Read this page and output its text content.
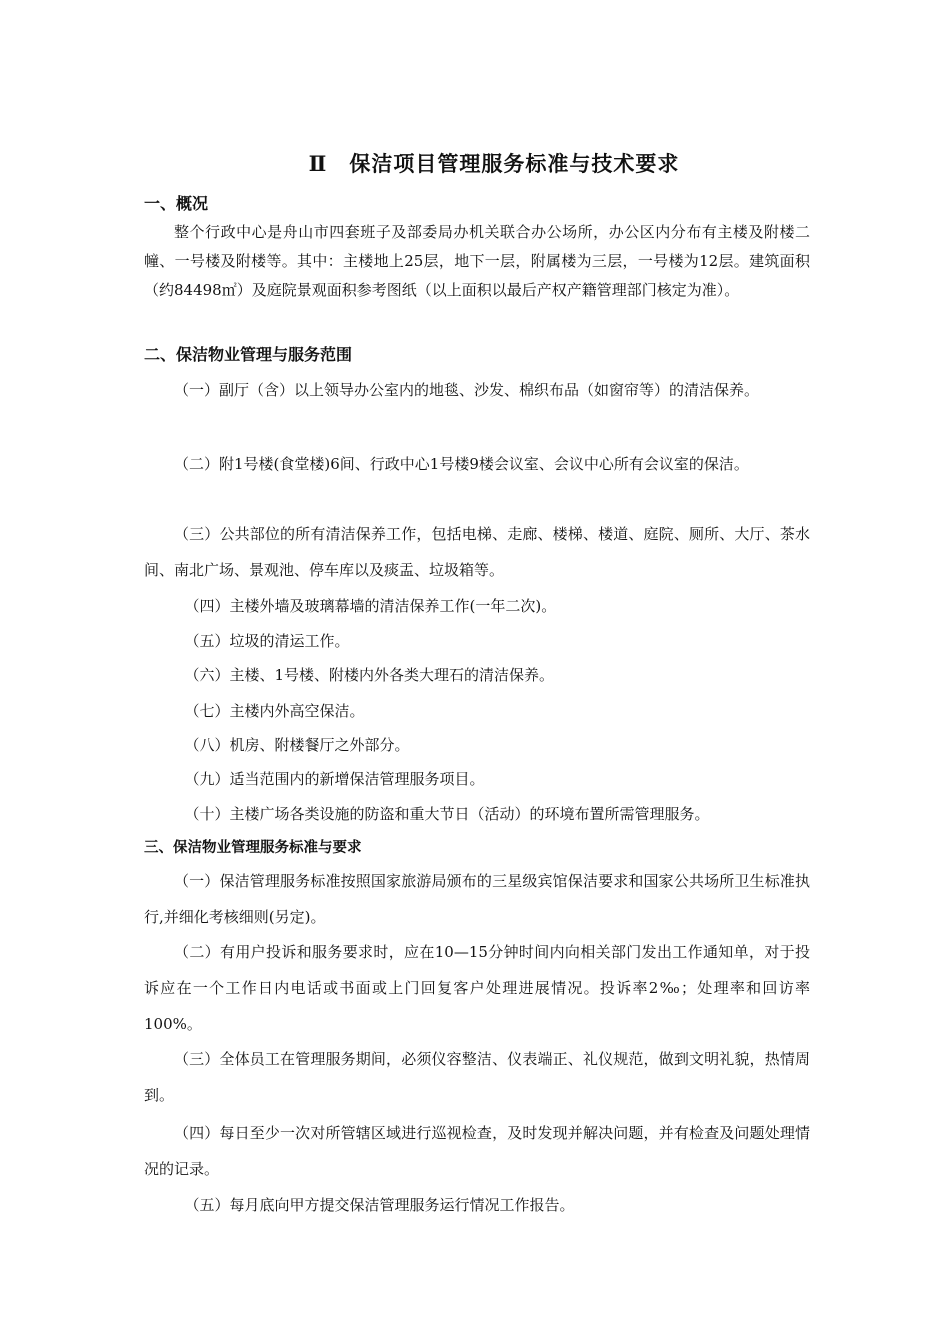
Ⅱ 保洁项目管理服务标准与技术要求
一、概况
整个行政中心是舟山市四套班子及部委局办机关联合办公场所，办公区内分布有主楼及附楼二幢、一号楼及附楼等。其中：主楼地上25层，地下一层，附属楼为三层，一号楼为12层。建筑面积（约84498㎡）及庭院景观面积参考图纸（以上面积以最后产权产籍管理部门核定为准）。
二、保洁物业管理与服务范围
（一）副厅（含）以上领导办公室内的地毯、沙发、棉织布品（如窗帘等）的清洁保养。
（二）附1号楼(食堂楼)6间、行政中心1号楼9楼会议室、会议中心所有会议室的保洁。
（三）公共部位的所有清洁保养工作，包括电梯、走廊、楼梯、楼道、庭院、厕所、大厅、茶水间、南北广场、景观池、停车库以及痰盂、垃圾箱等。
（四）主楼外墙及玻璃幕墙的清洁保养工作(一年二次)。
（五）垃圾的清运工作。
（六）主楼、1号楼、附楼内外各类大理石的清洁保养。
（七）主楼内外高空保洁。
（八）机房、附楼餐厅之外部分。
（九）适当范围内的新增保洁管理服务项目。
（十）主楼广场各类设施的防盗和重大节日（活动）的环境布置所需管理服务。
三、保洁物业管理服务标准与要求
（一）保洁管理服务标准按照国家旅游局颁布的三星级宾馆保洁要求和国家公共场所卫生标准执行,并细化考核细则(另定)。
（二）有用户投诉和服务要求时，应在10—15分钟时间内向相关部门发出工作通知单，对于投诉应在一个工作日内电话或书面或上门回复客户处理进展情况。投诉率2‰；处理率和回访率100%。
（三）全体员工在管理服务期间，必须仪容整洁、仪表端正、礼仪规范，做到文明礼貌，热情周到。
（四）每日至少一次对所管辖区域进行巡视检查，及时发现并解决问题，并有检查及问题处理情况的记录。
（五）每月底向甲方提交保洁管理服务运行情况工作报告。
